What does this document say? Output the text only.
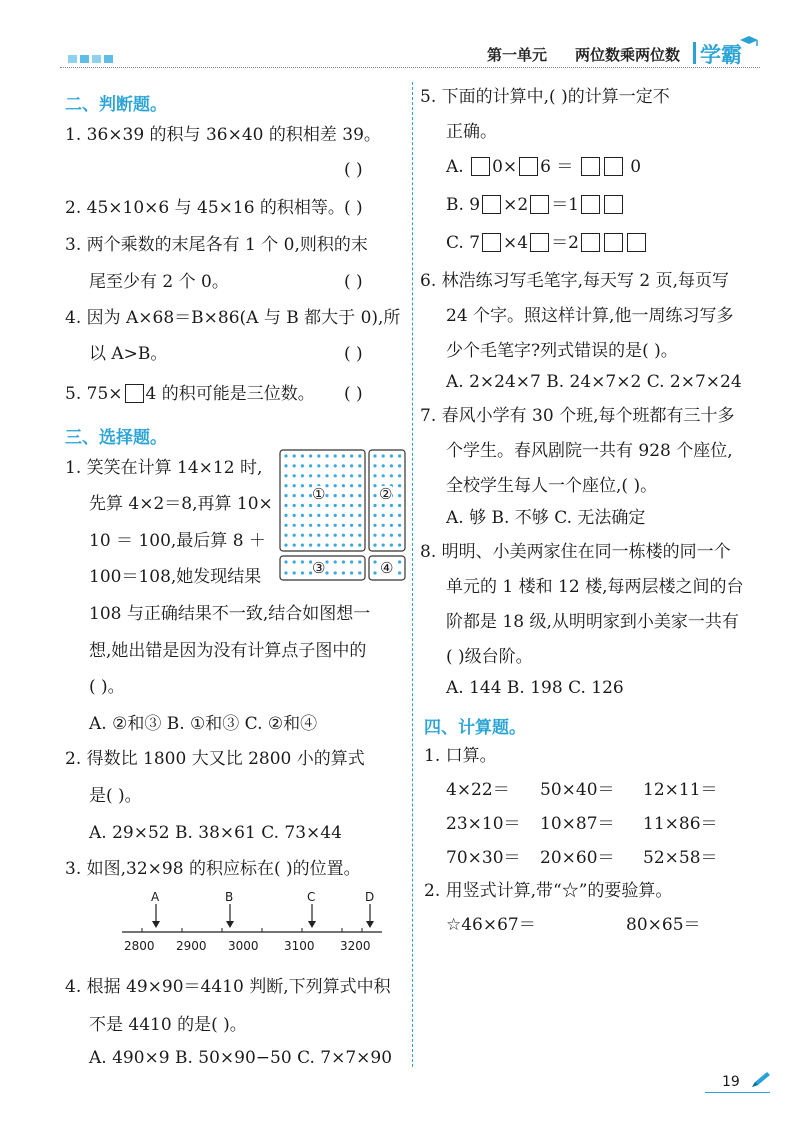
第一单元 两位数乘两位数 学霸
二、判断题。
1. 36×39 的积与 36×40 的积相差 39。
( )
2. 45×10×6 与 45×16 的积相等。 ( )
3. 两个乘数的末尾各有 1 个 0,则积的末
尾至少有 2 个 0。	( )
4. 因为 A×68＝B×86(A 与 B 都大于 0),所
以 A>B。	( )
5. 75× 4 的积可能是三位数。 ( )
三、选择题。
1. 笑笑在计算 14×12 时,
先算 4×2＝8,再算 10×
10 ＝ 100,最后算 8 ＋
100＝108,她发现结果
①	②
③	④
108 与正确结果不一致,结合如图想一
想,她出错是因为没有计算点子图中的
( )。
A. ②和③ B. ①和③ C. ②和④
2. 得数比 1800 大又比 2800 小的算式
是( )。
A. 29×52 B. 38×61 C. 73×44
3. 如图,32×98 的积应标在( )的位置。
A	B	C	D
2800 2900 3000 3100 3200
4. 根据 49×90＝4410 判断,下列算式中积
不是 4410 的是( )。
A. 490×9 B. 50×90−50 C. 7×7×90
5. 下面的计算中,( )的计算一定不
正确。
A. 0× 6 ＝	0
B. 9 ×2 ＝1
C. 7 ×4 ＝2
6. 林浩练习写毛笔字,每天写 2 页,每页写
24 个字。照这样计算,他一周练习写多
少个毛笔字?列式错误的是( )。
A. 2×24×7 B. 24×7×2 C. 2×7×24
7. 春风小学有 30 个班,每个班都有三十多
个学生。春风剧院一共有 928 个座位,
全校学生每人一个座位,( )。
A. 够 B. 不够 C. 无法确定
8. 明明、小美两家住在同一栋楼的同一个
单元的 1 楼和 12 楼,每两层楼之间的台
阶都是 18 级,从明明家到小美家一共有
( )级台阶。
A. 144 B. 198 C. 126
四、计算题。
1. 口算。
4×22＝ 50×40＝ 12×11＝
23×10＝ 10×87＝ 11×86＝
70×30＝ 20×60＝ 52×58＝
2. 用竖式计算,带“☆”的要验算。
☆46×67＝	80×65＝
19
